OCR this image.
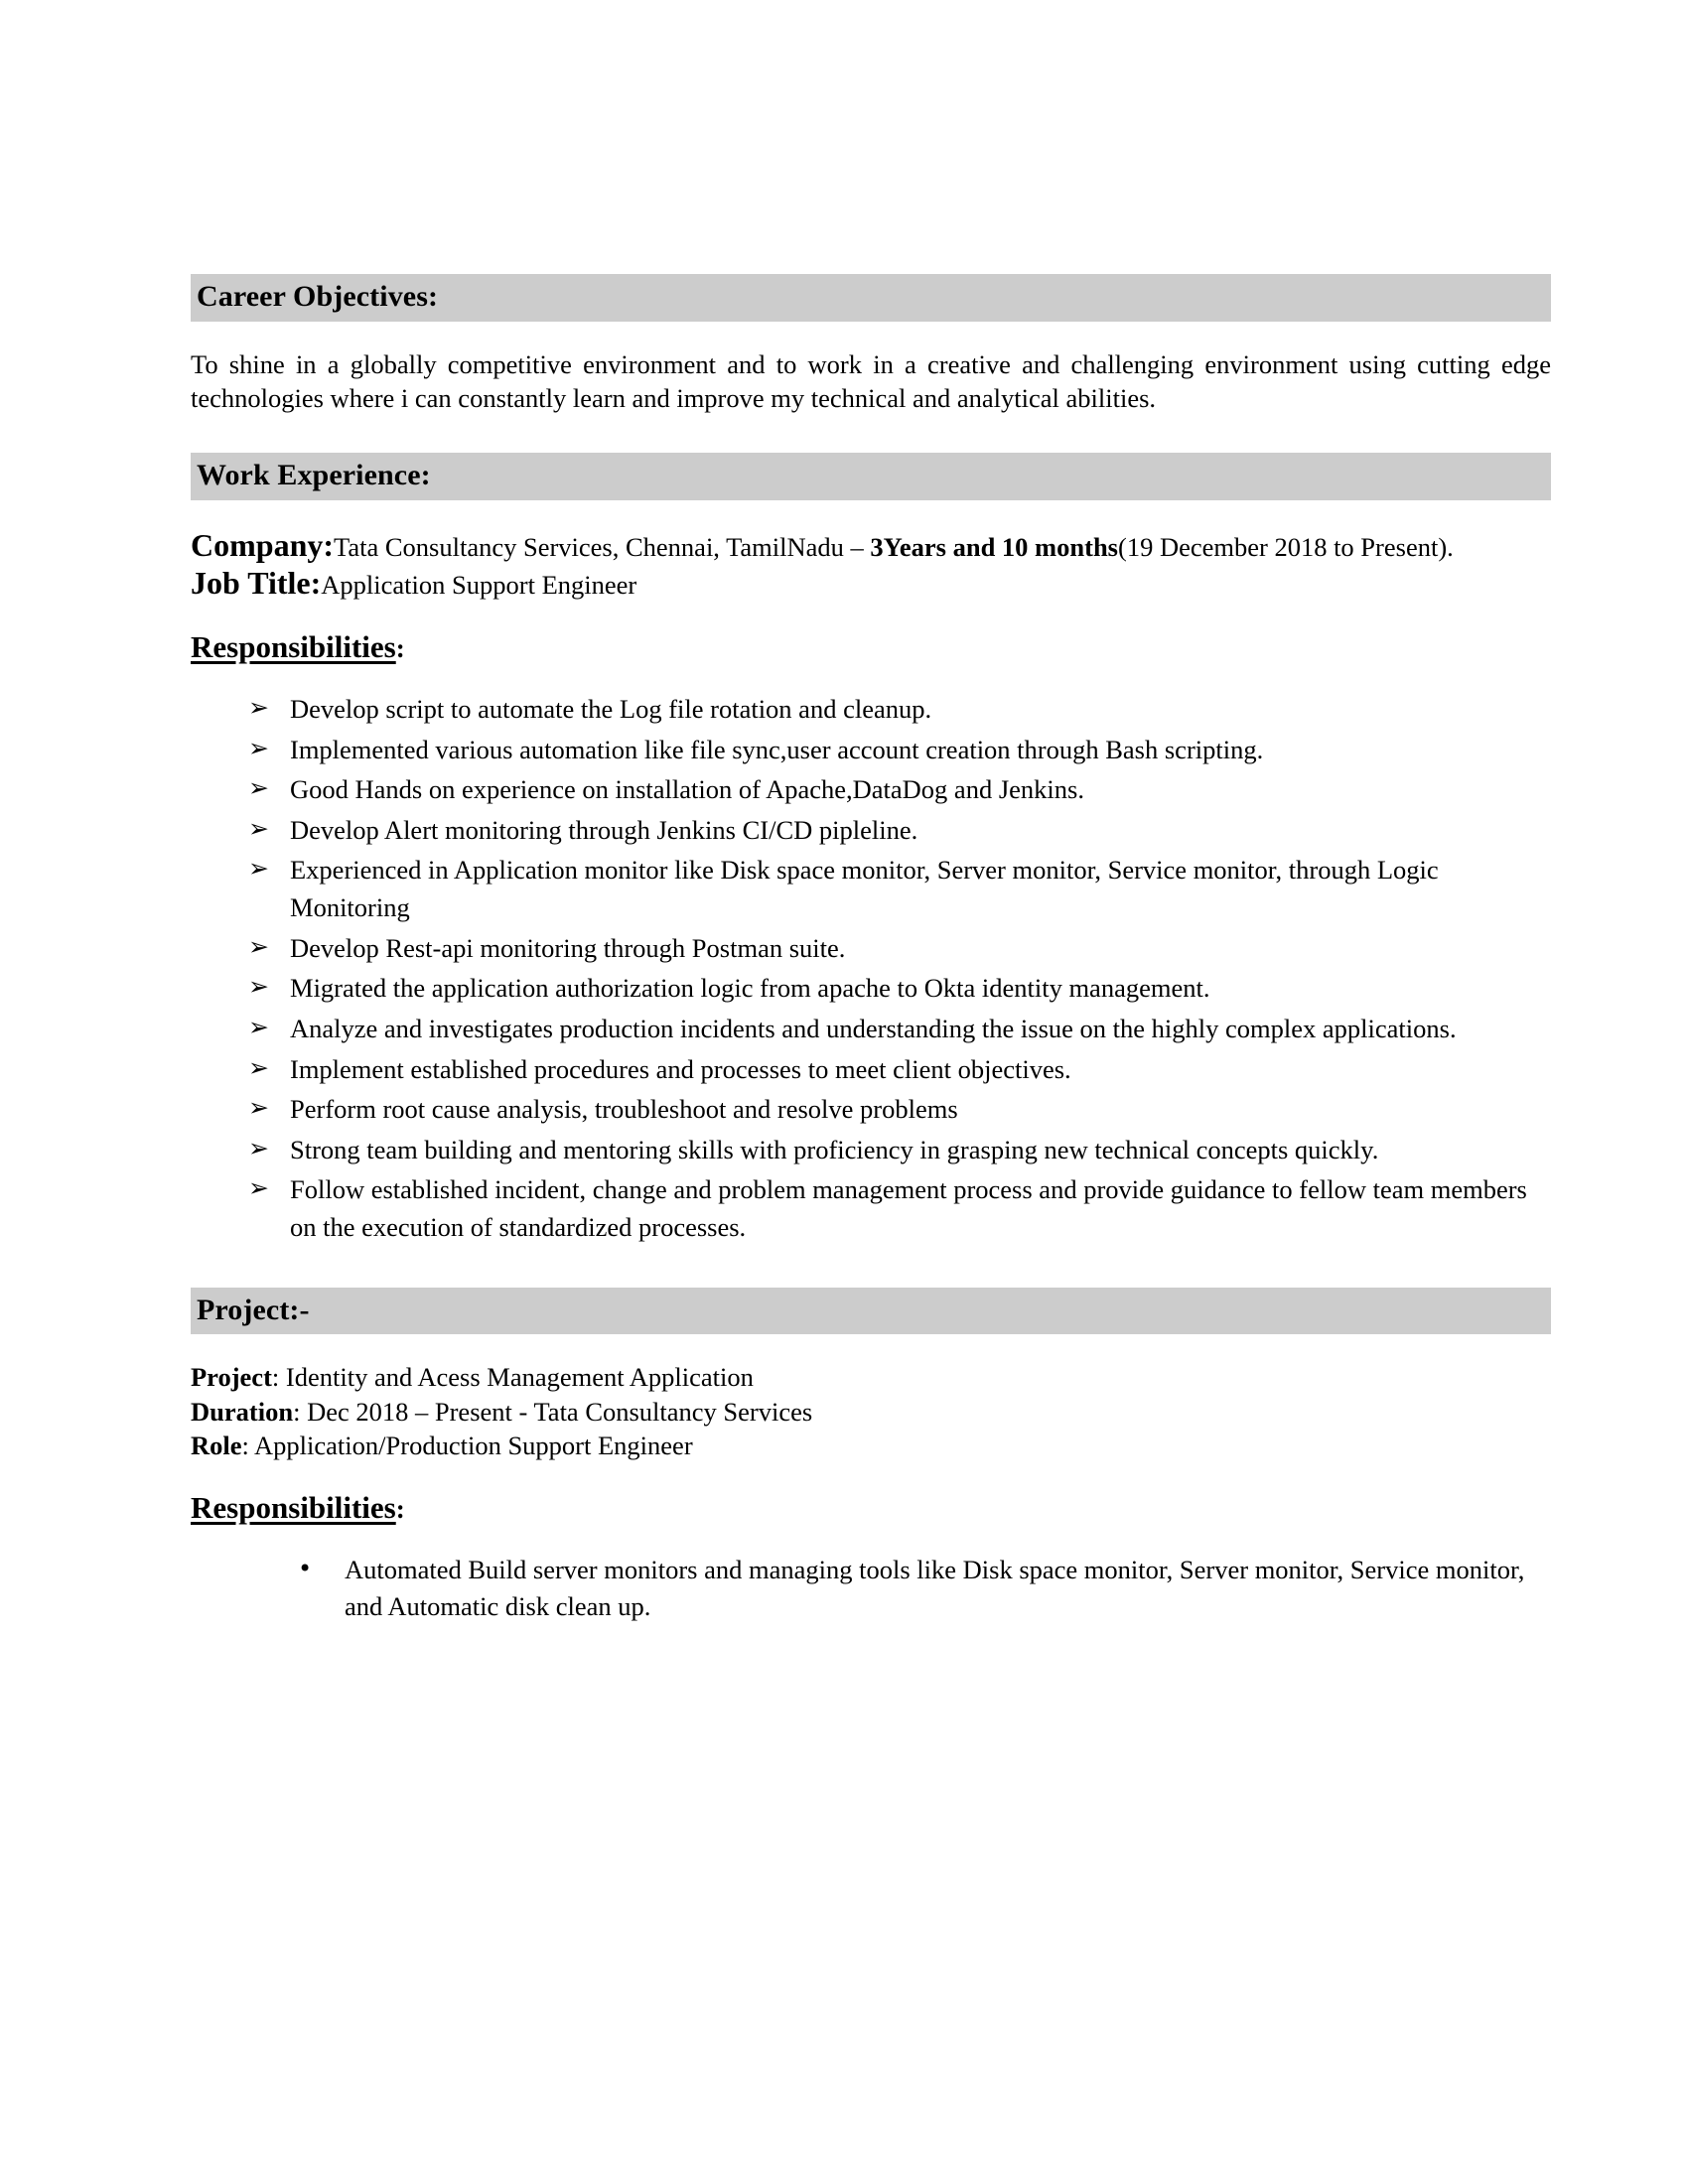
Career Objectives:

To shine in a globally competitive environment and to work in a creative and challenging environment using cutting edge technologies where i can constantly learn and improve my technical and analytical abilities.

Work Experience:

Company:Tata Consultancy Services, Chennai, TamilNadu – 3Years and 10 months(19 December 2018 to Present).

Job Title:Application Support Engineer

Responsibilities:

➢ Develop script to automate the Log file rotation and cleanup.
➢ Implemented various automation like file sync,user account creation through Bash scripting.
➢ Good Hands on experience on installation of Apache,DataDog and Jenkins.
➢ Develop Alert monitoring through Jenkins CI/CD pipleline.
➢ Experienced in Application monitor like Disk space monitor, Server monitor, Service monitor, through Logic Monitoring
➢ Develop Rest-api monitoring through Postman suite.
➢ Migrated the application authorization logic from apache to Okta identity management.
➢ Analyze and investigates production incidents and understanding the issue on the highly complex applications.
➢ Implement established procedures and processes to meet client objectives.
➢ Perform root cause analysis, troubleshoot and resolve problems
➢ Strong team building and mentoring skills with proficiency in grasping new technical concepts quickly.
➢ Follow established incident, change and problem management process and provide guidance to fellow team members on the execution of standardized processes.
Project:-

Project: Identity and Acess Management Application

Duration: Dec 2018 – Present - Tata Consultancy Services

Role: Application/Production Support Engineer

Responsibilities:

• Automated Build server monitors and managing tools like Disk space monitor, Server monitor, Service monitor, and Automatic disk clean up.
